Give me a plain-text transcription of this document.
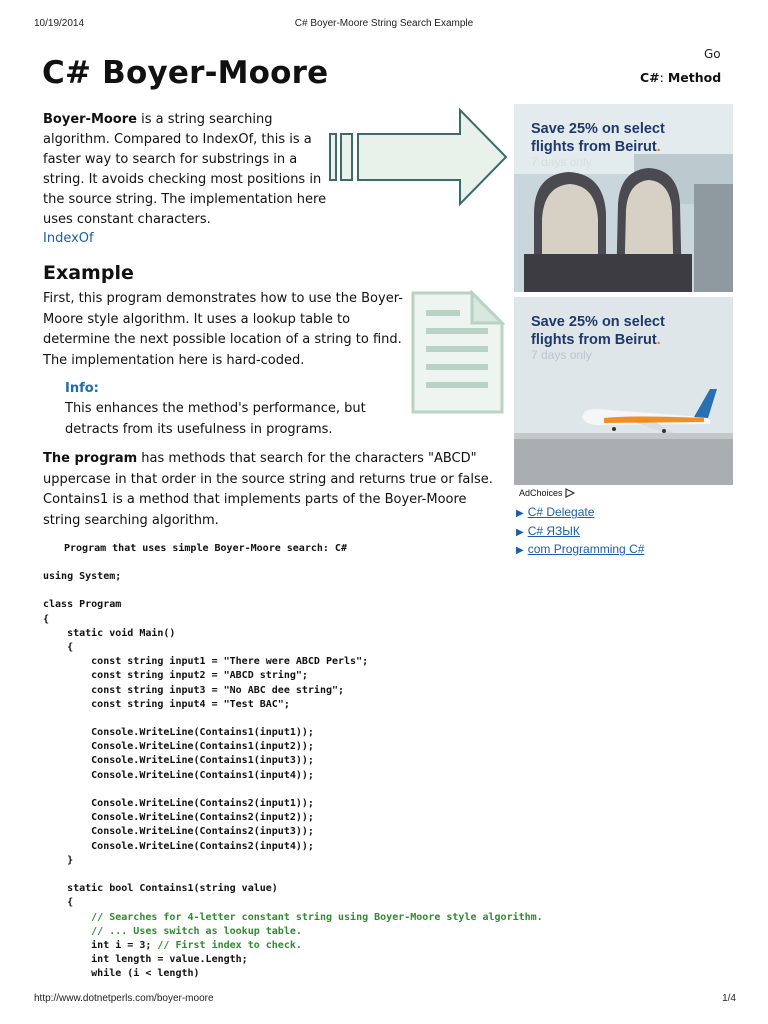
10/19/2014	C# Boyer-Moore String Search Example
Go
C#: Method
C# Boyer-Moore
Boyer-Moore is a string searching algorithm. Compared to IndexOf, this is a faster way to search for substrings in a string. It avoids checking most positions in the source string. The implementation here uses constant characters.
IndexOf
Example

First, this program demonstrates how to use the Boyer-Moore style algorithm. It uses a lookup table to determine the next possible location of a string to find. The implementation here is hard-coded.

Info:
This enhances the method's performance, but detracts from its usefulness in programs.

The program has methods that search for the characters "ABCD" uppercase in that order in the source string and returns true or false. Contains1 is a method that implements parts of the Boyer-Moore string searching algorithm.

Program that uses simple Boyer-Moore search: C#
using System;
class Program
{
static void Main()
{
const string input1 = "There were ABCD Perls";
const string input2 = "ABCD string";
const string input3 = "No ABC dee string";
const string input4 = "Test BAC";
Console.WriteLine(Contains1(input1));
Console.WriteLine(Contains1(input2));
Console.WriteLine(Contains1(input3));
Console.WriteLine(Contains1(input4));
Console.WriteLine(Contains2(input1));
Console.WriteLine(Contains2(input2));
Console.WriteLine(Contains2(input3));
Console.WriteLine(Contains2(input4));
}
static bool Contains1(string value)
{
// Searches for 4-letter constant string using Boyer-Moore style algorithm.
// ... Uses switch as lookup table.
int i = 3; // First index to check.
int length = value.Length;
while (i < length)
Save 25% on select
flights from Beirut.
7 days only
Save 25% on select
flights from Beirut.
7 days only
AdChoices
▶ C# Delegate
▶ C# ЯЗЫК
▶ com Programming C#
http://www.dotnetperls.com/boyer-moore	1/4
